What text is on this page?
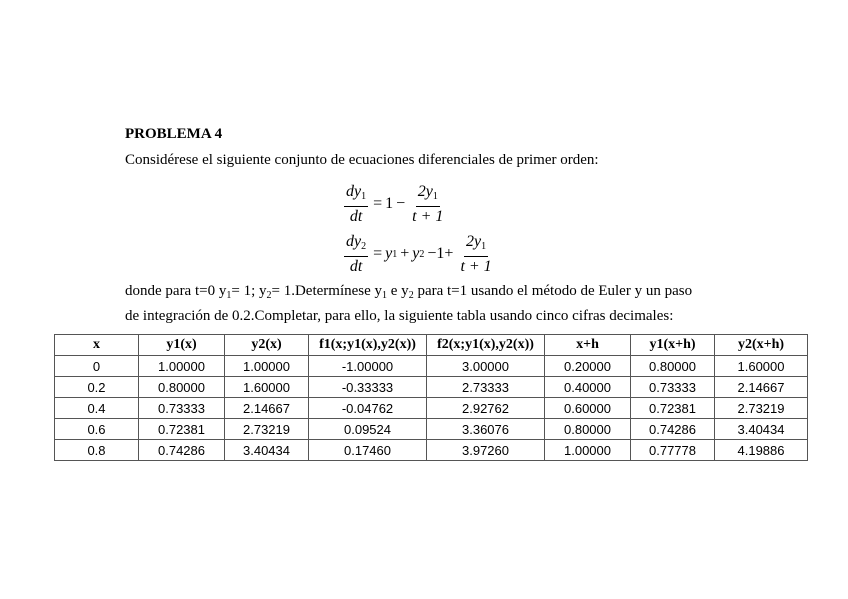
PROBLEMA 4
Considérese el siguiente conjunto de ecuaciones diferenciales de primer orden:
$\frac{dy_1}{dt} = 1 - \frac{2y_1}{t + 1}$
$\frac{dy_2}{dt} = y$ 1 + y $2 -1+ \frac{2y_1}{t + 1}$
donde para t=0 $y_1= 1$; $y_2=$ 1.Determínese $y_1$ e $y_2$ para t=1 usando el método de Euler y un paso
de integración de 0.2.Completar, para ello, la siguiente tabla usando cinco cifras decimales:
x	y1(x)	y2(x)	f1(x;y1(x),y2(x))	f2(x;y1(x),y2(x))	x+h	y1(x+h)	y2(x+h)
0	1.00000	1.00000	-1.00000	3.00000	0.20000	0.80000	1.60000
0.2	0.80000	1.60000	-0.33333	2.73333	0.40000	0.73333	2.14667
0.4	0.73333	2.14667	-0.04762	2.92762	0.60000	0.72381	2.73219
0.6	0.72381	2.73219	0.09524	3.36076	0.80000	0.74286	3.40434
0.8	0.74286	3.40434	0.17460	3.97260	1.00000	0.77778	4.19886
